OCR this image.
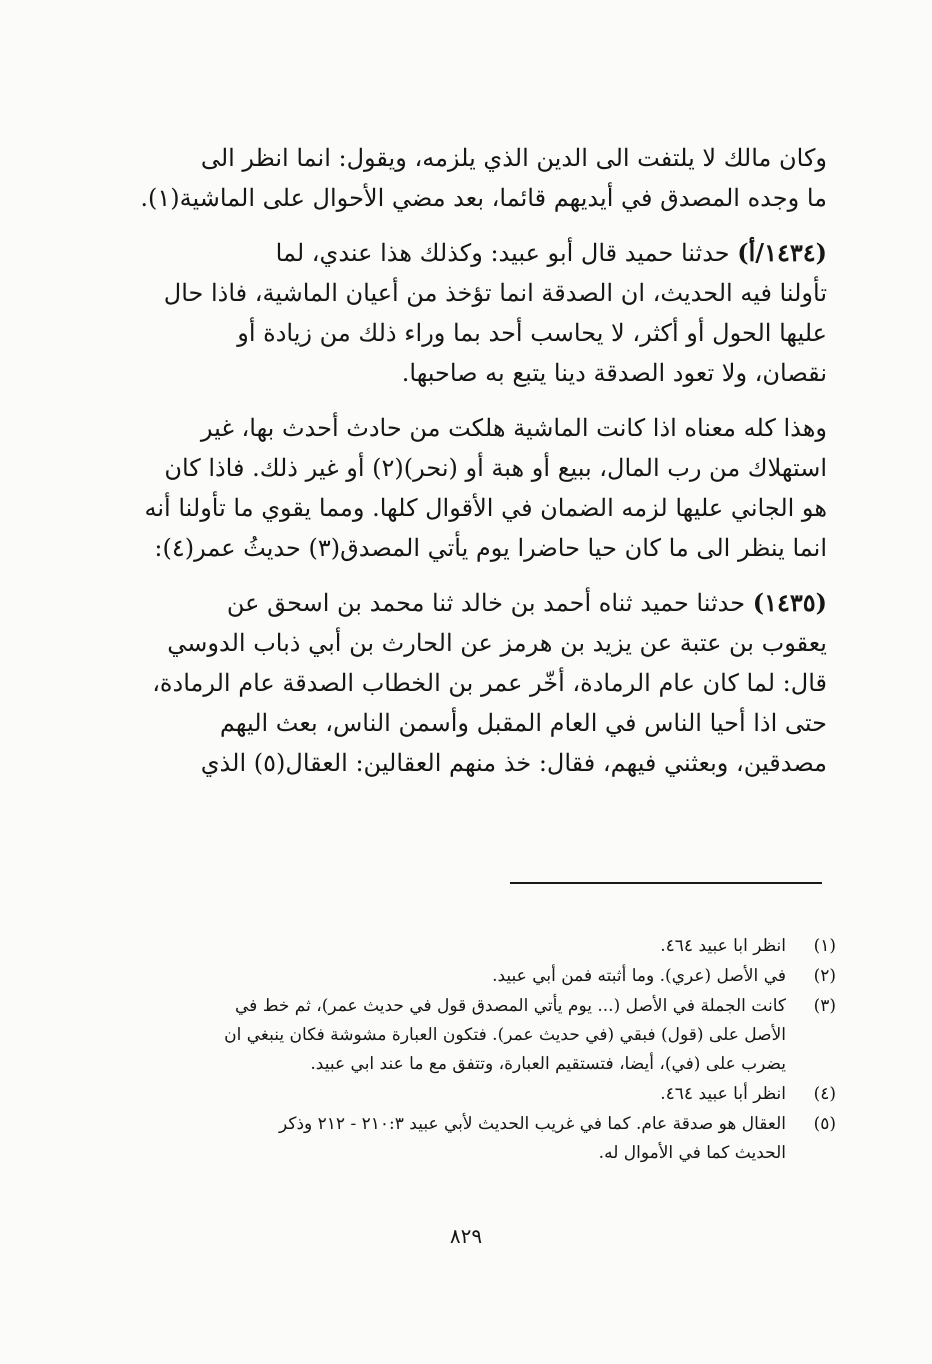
وكان مالك لا يلتفت الى الدين الذي يلزمه، ويقول: انما انظر الى
ما وجده المصدق في أيديهم قائما، بعد مضي الأحوال على الماشية(١).

(١٤٣٤/أ) حدثنا حميد قال أبو عبيد: وكذلك هذا عندي، لما
تأولنا فيه الحديث، ان الصدقة انما تؤخذ من أعيان الماشية، فاذا حال
عليها الحول أو أكثر، لا يحاسب أحد بما وراء ذلك من زيادة أو
نقصان، ولا تعود الصدقة دينا يتبع به صاحبها.

وهذا كله معناه اذا كانت الماشية هلكت من حادث أحدث بها، غير
استهلاك من رب المال، ببيع أو هبة أو (نحر)(٢) أو غير ذلك. فاذا كان
هو الجاني عليها لزمه الضمان في الأقوال كلها. ومما يقوي ما تأولنا أنه
انما ينظر الى ما كان حيا حاضرا يوم يأتي المصدق(٣) حديثُ عمر(٤):

(١٤٣٥) حدثنا حميد ثناه أحمد بن خالد ثنا محمد بن اسحق عن
يعقوب بن عتبة عن يزيد بن هرمز عن الحارث بن أبي ذباب الدوسي
قال: لما كان عام الرمادة، أخّر عمر بن الخطاب الصدقة عام الرمادة،
حتى اذا أحيا الناس في العام المقبل وأسمن الناس، بعث اليهم
مصدقين، وبعثني فيهم، فقال: خذ منهم العقالين: العقال(٥) الذي

(١)
انظر ابا عبيد ٤٦٤.
(٢)
في الأصل (عري). وما أثبته فمن أبي عبيد.
(٣)
كانت الجملة في الأصل (... يوم يأتي المصدق قول في حديث عمر)، ثم خط في
الأصل على (قول) فبقي (في حديث عمر). فتكون العبارة مشوشة فكان ينبغي ان
يضرب على (في)، أيضا، فتستقيم العبارة، وتتفق مع ما عند ابي عبيد.
(٤)
انظر أبا عبيد ٤٦٤.
(٥)
العقال هو صدقة عام. كما في غريب الحديث لأبي عبيد ٢١٠:٣ - ٢١٢ وذكر
الحديث كما في الأموال له.
٨٢٩
